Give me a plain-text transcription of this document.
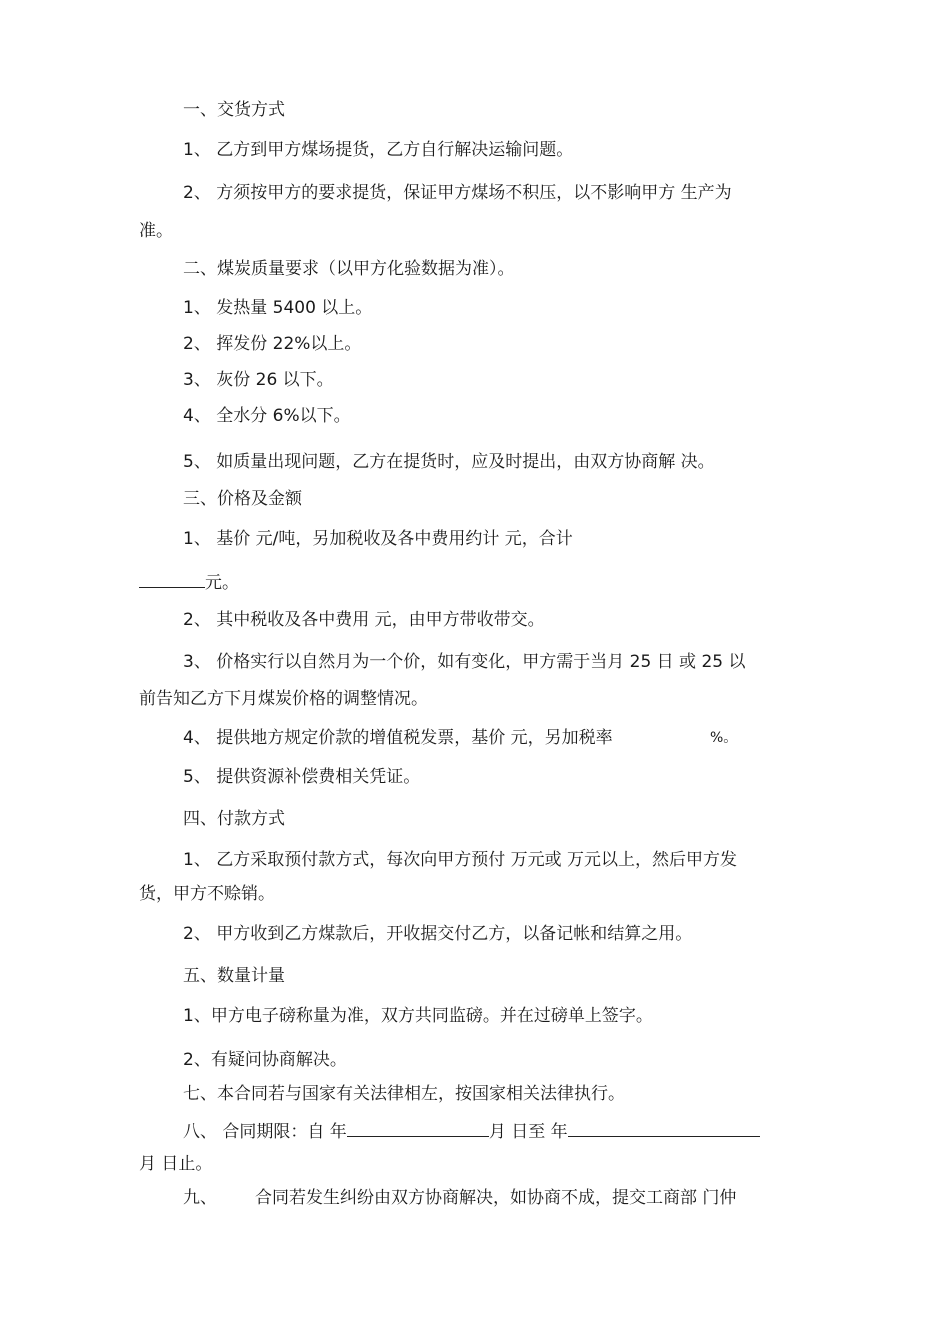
一、交货方式
1、 乙方到甲方煤场提货，乙方自行解决运输问题。
2、 方须按甲方的要求提货，保证甲方煤场不积压，以不影响甲方 生产为
准。
二、煤炭质量要求（以甲方化验数据为准）。
1、 发热量 5400 以上。
2、 挥发份 22%以上。
3、 灰份 26 以下。
4、 全水分 6%以下。
5、 如质量出现问题，乙方在提货时，应及时提出，由双方协商解 决。
三、价格及金额
1、 基价 元/吨，另加税收及各中费用约计 元，合计
元。
2、 其中税收及各中费用 元，由甲方带收带交。
3、 价格实行以自然月为一个价，如有变化，甲方需于当月 25 日 或 25 以
前告知乙方下月煤炭价格的调整情况。
4、 提供地方规定价款的增值税发票，基价 元，另加税率	%。
5、 提供资源补偿费相关凭证。
四、付款方式
1、 乙方采取预付款方式，每次向甲方预付 万元或 万元以上，然后甲方发
货，甲方不赊销。
2、 甲方收到乙方煤款后，开收据交付乙方，以备记帐和结算之用。
五、数量计量
1、甲方电子磅称量为准，双方共同监磅。并在过磅单上签字。
2、有疑问协商解决。
七、本合同若与国家有关法律相左，按国家相关法律执行。
八、 合同期限：自 年	月 日至 年
月 日止。
九、 合同若发生纠纷由双方协商解决，如协商不成，提交工商部 门仲
